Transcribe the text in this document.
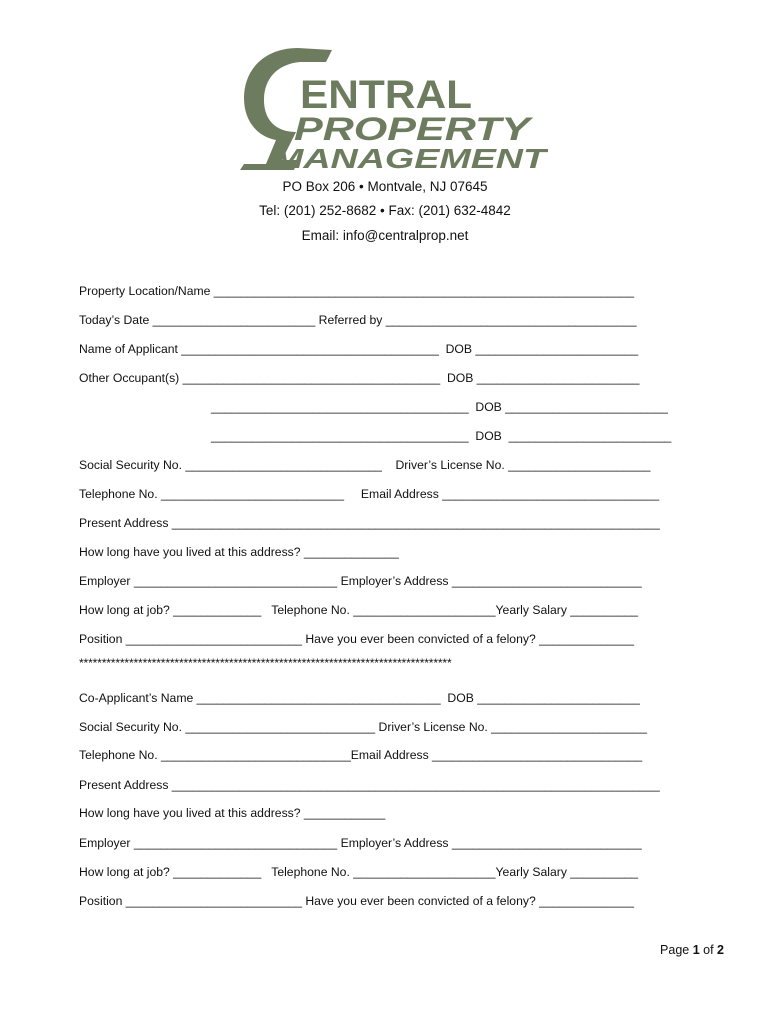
ENTRAL
PROPERTY
MANAGEMENT
PO Box 206 • Montvale, NJ 07645
Tel: (201) 252-8682 • Fax: (201) 632-4842
Email: info@centralprop.net
Property Location/Name ______________________________________________________________
Today’s Date ________________________ Referred by _____________________________________
Name of Applicant ______________________________________  DOB ________________________
Other Occupant(s) ______________________________________  DOB ________________________
______________________________________  DOB ________________________
______________________________________  DOB  ________________________
Social Security No. _____________________________    Driver’s License No. _____________________
Telephone No. ___________________________     Email Address ________________________________
Present Address ________________________________________________________________________
How long have you lived at this address? ______________
Employer ______________________________ Employer’s Address ____________________________
How long at job? _____________   Telephone No. _____________________Yearly Salary __________
Position __________________________ Have you ever been convicted of a felony? ______________
**********************************************************************************
Co-Applicant’s Name ____________________________________  DOB ________________________
Social Security No. ____________________________ Driver’s License No. _______________________
Telephone No. ____________________________Email Address _______________________________
Present Address ________________________________________________________________________
How long have you lived at this address? ____________
Employer ______________________________ Employer’s Address ____________________________
How long at job? _____________   Telephone No. _____________________Yearly Salary __________
Position __________________________ Have you ever been convicted of a felony? ______________
Page 1 of 2
